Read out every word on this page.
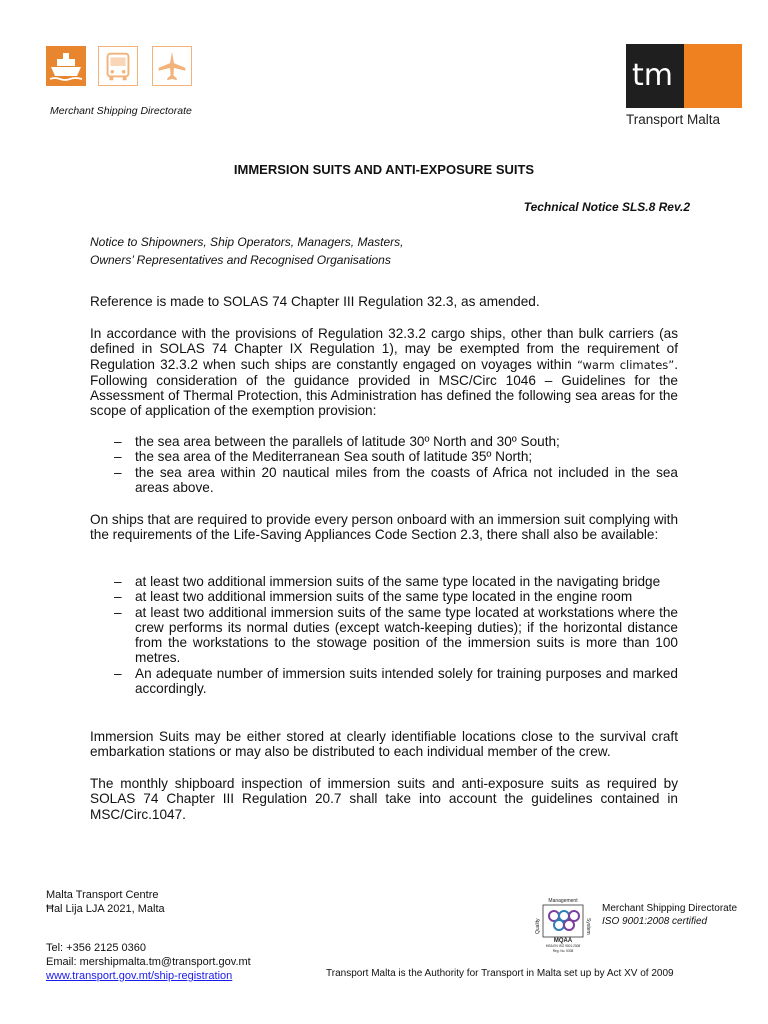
Merchant Shipping Directorate
tm
Transport Malta
IMMERSION SUITS AND ANTI-EXPOSURE SUITS
Technical Notice SLS.8 Rev.2
Notice to Shipowners, Ship Operators, Managers, Masters,
Owners’ Representatives and Recognised Organisations

Reference is made to SOLAS 74 Chapter III Regulation 32.3, as amended.

In accordance with the provisions of Regulation 32.3.2 cargo ships, other than bulk carriers (as defined in SOLAS 74 Chapter IX Regulation 1), may be exempted from the requirement of Regulation 32.3.2 when such ships are constantly engaged on voyages within “warm climates”. Following consideration of the guidance provided in MSC/Circ 1046 – Guidelines for the Assessment of Thermal Protection, this Administration has defined the following sea areas for the scope of application of the exemption provision:

– the sea area between the parallels of latitude 30º North and 30º South;
– the sea area of the Mediterranean Sea south of latitude 35º North;
– the sea area within 20 nautical miles from the coasts of Africa not included in the sea areas above.

On ships that are required to provide every person onboard with an immersion suit complying with the requirements of the Life-Saving Appliances Code Section 2.3, there shall also be available:

– at least two additional immersion suits of the same type located in the navigating bridge
– at least two additional immersion suits of the same type located in the engine room
– at least two additional immersion suits of the same type located at workstations where the crew performs its normal duties (except watch-keeping duties); if the horizontal distance from the workstations to the stowage position of the immersion suits is more than 100 metres.
– An adequate number of immersion suits intended solely for training purposes and marked accordingly.

Immersion Suits may be either stored at clearly identifiable locations close to the survival craft embarkation stations or may also be distributed to each individual member of the crew.

The monthly shipboard inspection of immersion suits and anti-exposure suits as required by SOLAS 74 Chapter III Regulation 20.7 shall take into account the guidelines contained in MSC/Circ.1047.

Malta Transport Centre
Ħal Lija LJA 2021, Malta
Tel: +356 2125 0360
Email: mershipmalta.tm@transport.gov.mt
www.transport.gov.mt/ship-registration
Management
Quality	System
MQAA
MSA EN ISO 9001:2008
Reg. No. 5308
Merchant Shipping Directorate
ISO 9001:2008 certified
Transport Malta is the Authority for Transport in Malta set up by Act XV of 2009
